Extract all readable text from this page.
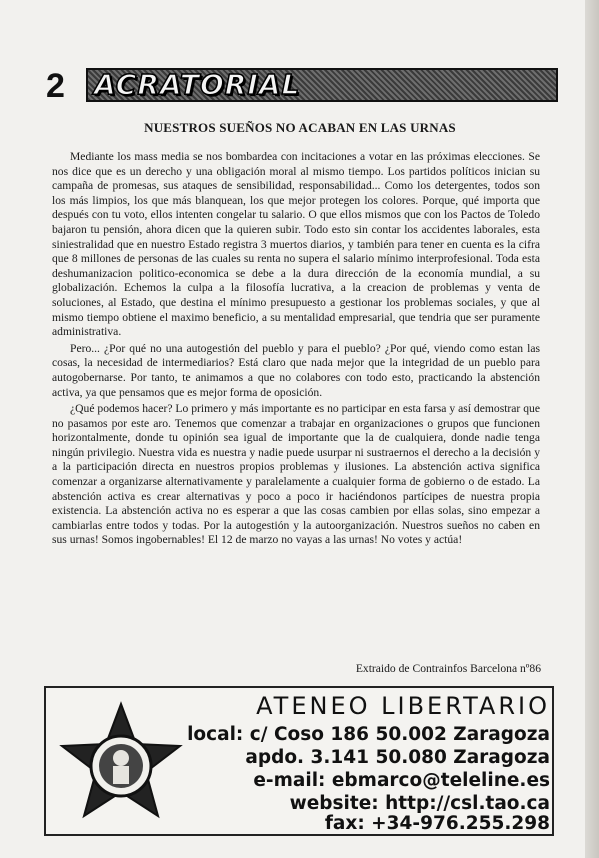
2 ACRATORIAL
NUESTROS SUEÑOS NO ACABAN EN LAS URNAS

Mediante los mass media se nos bombardea con incitaciones a votar en las próximas elecciones. Se nos dice que es un derecho y una obligación moral al mismo tiempo. Los partidos políticos inician su campaña de promesas, sus ataques de sensibilidad, responsabilidad... Como los detergentes, todos son los más limpios, los que más blanquean, los que mejor protegen los colores. Porque, qué importa que después con tu voto, ellos intenten congelar tu salario. O que ellos mismos que con los Pactos de Toledo bajaron tu pensión, ahora dicen que la quieren subir. Todo esto sin contar los accidentes laborales, esta siniestralidad que en nuestro Estado registra 3 muertos diarios, y también para tener en cuenta es la cifra que 8 millones de personas de las cuales su renta no supera el salario mínimo interprofesional. Toda esta deshumanizacion politico-economica se debe a la dura dirección de la economía mundial, a su globalización. Echemos la culpa a la filosofía lucrativa, a la creacion de problemas y venta de soluciones, al Estado, que destina el mínimo presupuesto a gestionar los problemas sociales, y que al mismo tiempo obtiene el maximo beneficio, a su mentalidad empresarial, que tendria que ser puramente administrativa.

Pero... ¿Por qué no una autogestión del pueblo y para el pueblo? ¿Por qué, viendo como estan las cosas, la necesidad de intermediarios? Está claro que nada mejor que la integridad de un pueblo para autogobernarse. Por tanto, te animamos a que no colabores con todo esto, practicando la abstención activa, ya que pensamos que es mejor forma de oposición.

¿Qué podemos hacer? Lo primero y más importante es no participar en esta farsa y así demostrar que no pasamos por este aro. Tenemos que comenzar a trabajar en organizaciones o grupos que funcionen horizontalmente, donde tu opinión sea igual de importante que la de cualquiera, donde nadie tenga ningún privilegio. Nuestra vida es nuestra y nadie puede usurpar ni sustraernos el derecho a la decisión y a la participación directa en nuestros propios problemas y ilusiones. La abstención activa significa comenzar a organizarse alternativamente y paralelamente a cualquier forma de gobierno o de estado. La abstención activa es crear alternativas y poco a poco ir haciéndonos partícipes de nuestra propia existencia. La abstención activa no es esperar a que las cosas cambien por ellas solas, sino empezar a cambiarlas entre todos y todas. Por la autogestión y la autoorganización. Nuestros sueños no caben en sus urnas! Somos ingobernables! El 12 de marzo no vayas a las urnas! No votes y actúa!

Extraido de Contrainfos Barcelona nº86
ATENEO LIBERTARIO
local: c/ Coso 186 50.002 Zaragoza
apdo. 3.141 50.080 Zaragoza
e-mail: ebmarco@teleline.es
website: http://csl.tao.ca
fax: +34-976.255.298
